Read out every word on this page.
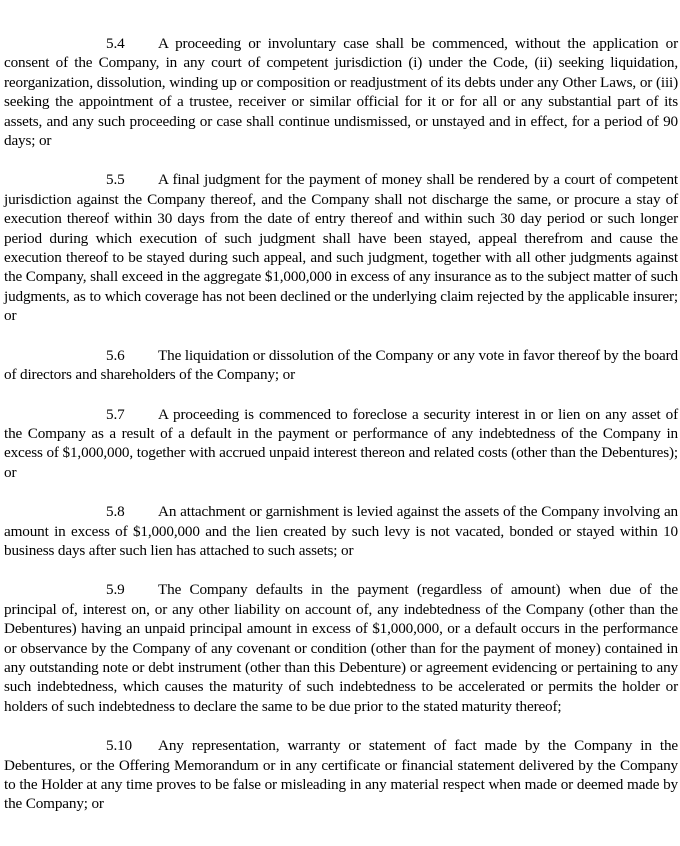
5.4 A proceeding or involuntary case shall be commenced, without the application or consent of the Company, in any court of competent jurisdiction (i) under the Code, (ii) seeking liquidation, reorganization, dissolution, winding up or composition or readjustment of its debts under any Other Laws, or (iii) seeking the appointment of a trustee, receiver or similar official for it or for all or any substantial part of its assets, and any such proceeding or case shall continue undismissed, or unstayed and in effect, for a period of 90 days; or

5.5 A final judgment for the payment of money shall be rendered by a court of competent jurisdiction against the Company thereof, and the Company shall not discharge the same, or procure a stay of execution thereof within 30 days from the date of entry thereof and within such 30 day period or such longer period during which execution of such judgment shall have been stayed, appeal therefrom and cause the execution thereof to be stayed during such appeal, and such judgment, together with all other judgments against the Company, shall exceed in the aggregate $1,000,000 in excess of any insurance as to the subject matter of such judgments, as to which coverage has not been declined or the underlying claim rejected by the applicable insurer; or

5.6 The liquidation or dissolution of the Company or any vote in favor thereof by the board of directors and shareholders of the Company; or

5.7 A proceeding is commenced to foreclose a security interest in or lien on any asset of the Company as a result of a default in the payment or performance of any indebtedness of the Company in excess of $1,000,000, together with accrued unpaid interest thereon and related costs (other than the Debentures); or

5.8 An attachment or garnishment is levied against the assets of the Company involving an amount in excess of $1,000,000 and the lien created by such levy is not vacated, bonded or stayed within 10 business days after such lien has attached to such assets; or

5.9 The Company defaults in the payment (regardless of amount) when due of the principal of, interest on, or any other liability on account of, any indebtedness of the Company (other than the Debentures) having an unpaid principal amount in excess of $1,000,000, or a default occurs in the performance or observance by the Company of any covenant or condition (other than for the payment of money) contained in any outstanding note or debt instrument (other than this Debenture) or agreement evidencing or pertaining to any such indebtedness, which causes the maturity of such indebtedness to be accelerated or permits the holder or holders of such indebtedness to declare the same to be due prior to the stated maturity thereof;

5.10 Any representation, warranty or statement of fact made by the Company in the Debentures, or the Offering Memorandum or in any certificate or financial statement delivered by the Company to the Holder at any time proves to be false or misleading in any material respect when made or deemed made by the Company; or
